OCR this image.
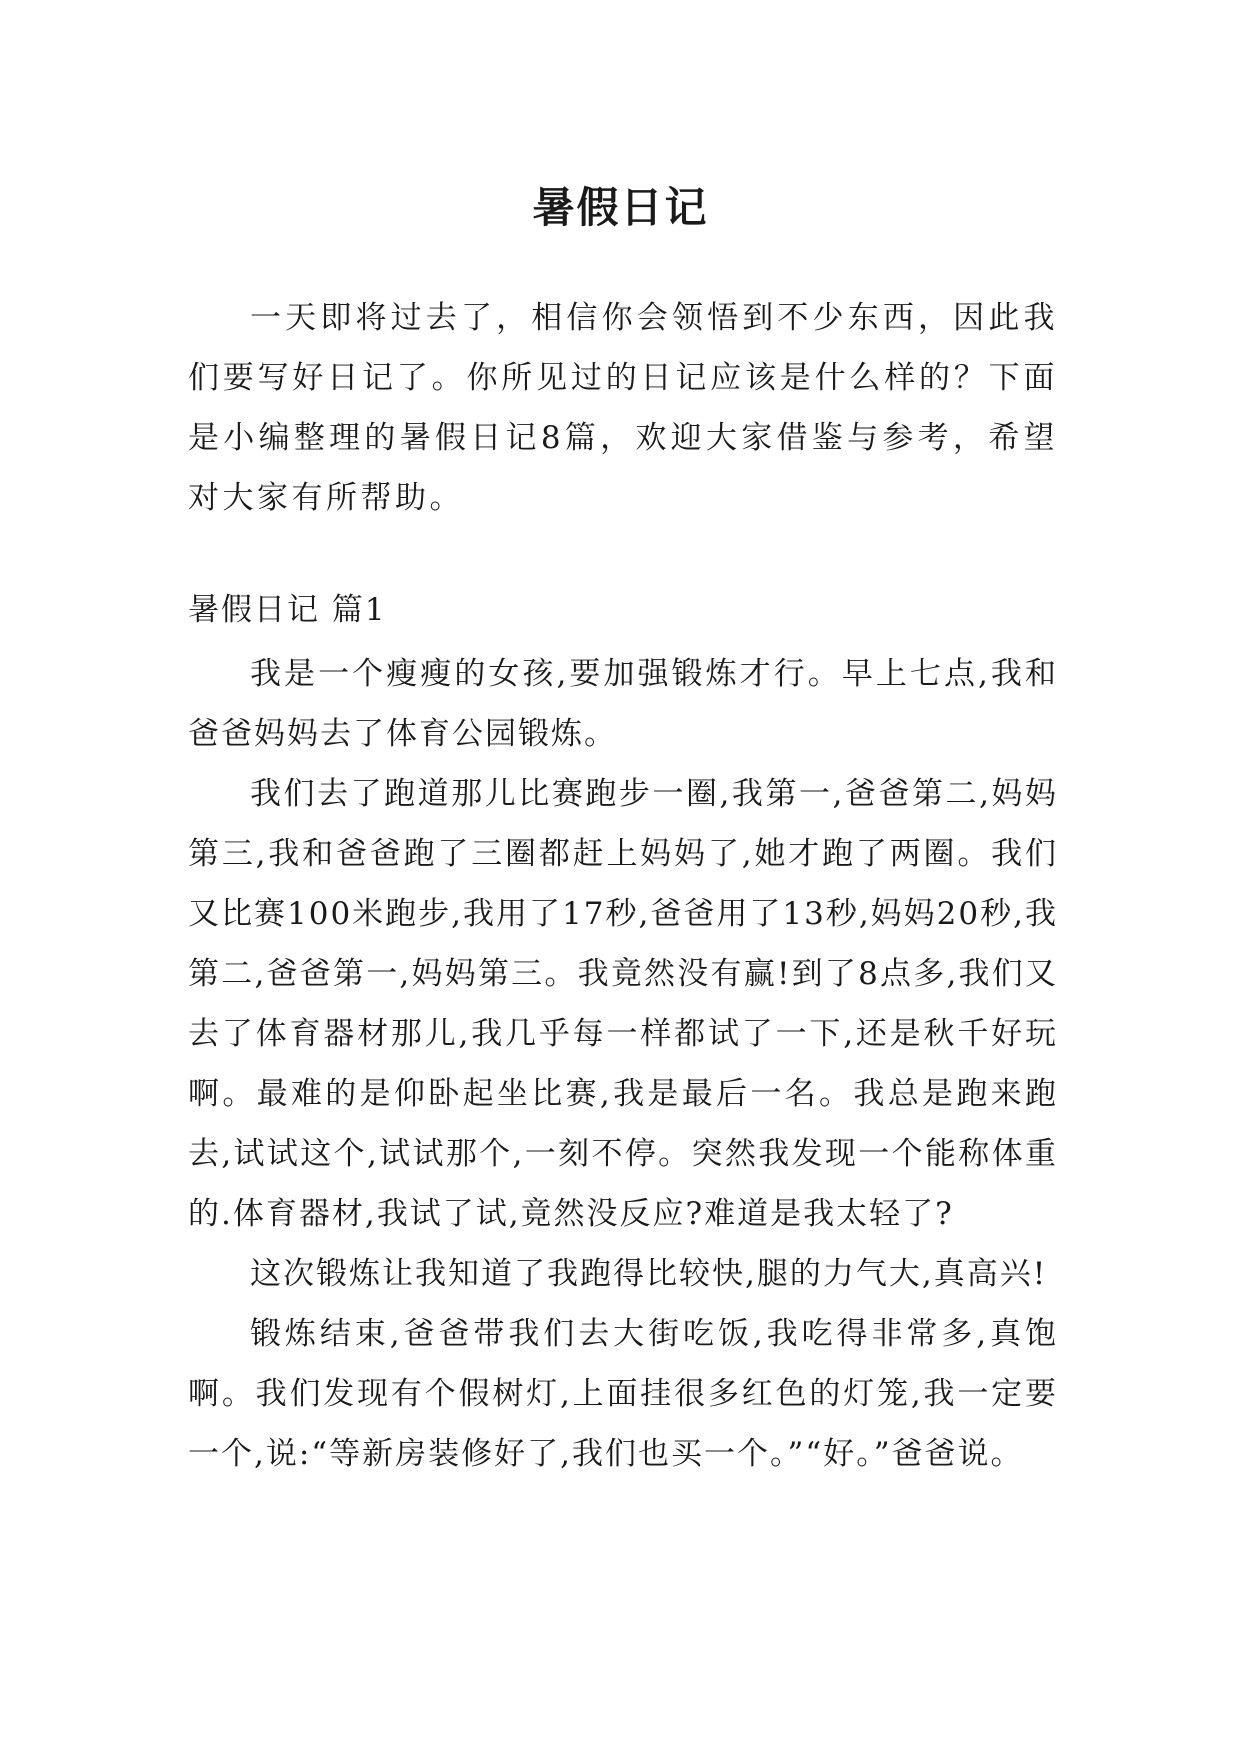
暑假日记

一天即将过去了，相信你会领悟到不少东西，因此我们要写好日记了。你所见过的日记应该是什么样的？下面是小编整理的暑假日记8篇，欢迎大家借鉴与参考，希望对大家有所帮助。

暑假日记 篇1

我是一个瘦瘦的女孩,要加强锻炼才行。早上七点,我和爸爸妈妈去了体育公园锻炼。

我们去了跑道那儿比赛跑步一圈,我第一,爸爸第二,妈妈第三,我和爸爸跑了三圈都赶上妈妈了,她才跑了两圈。我们又比赛100米跑步,我用了17秒,爸爸用了13秒,妈妈20秒,我第二,爸爸第一,妈妈第三。我竟然没有赢!到了8点多,我们又去了体育器材那儿,我几乎每一样都试了一下,还是秋千好玩啊。最难的是仰卧起坐比赛,我是最后一名。我总是跑来跑去,试试这个,试试那个,一刻不停。突然我发现一个能称体重的.体育器材,我试了试,竟然没反应?难道是我太轻了?

这次锻炼让我知道了我跑得比较快,腿的力气大,真高兴!

锻炼结束,爸爸带我们去大街吃饭,我吃得非常多,真饱啊。我们发现有个假树灯,上面挂很多红色的灯笼,我一定要一个,说:“等新房装修好了,我们也买一个。”“好。”爸爸说。
